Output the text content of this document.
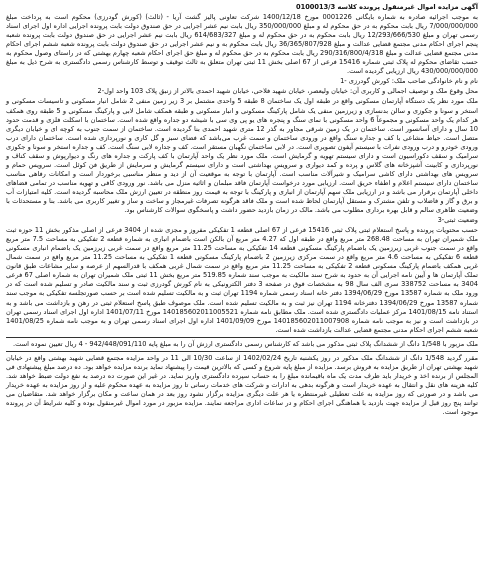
آگهی مزایده اموال غیرمنقول پرونده کلاسه 0100013/3
به موجب اجرائیه صادره به شماره بایگانی 0001226 مورخ 1400/12/18 شرکت تعاونی پالیز گشت آریا - (ثالث) (کورش گودرزی) محکوم است به پرداخت مبلغ 7/000/000/000 ریال بابت محکوم به در حق محکوم له و مبلغ 350/000/000 ریال بابت نیم عشر اجرایی در حق صندوق دولت بابت پرونده اجرایی اداره اول اجرای اسناد رسمی تهران و مبلغ 12/293/666/530 ریال بابت محکوم به در حق محکوم له و مبلغ 614/683/327 ریال بابت نیم عشر اجرایی در حق صندوق دولت بابت پرونده شعبه پنجم اجرای احکام مدنی مجتمع قضایی عدالت و مبلغ 36/365/807/928 ریال بابت محکوم به و نیم عشر اجرایی در حق صندوق دولت بابت پرونده شعبه ششم اجرای احکام مدنی مجتمع قضایی عدالت و مبلغ 290/316/800/4/318 ریال بابت محکوم به در حق محکوم له و مبلغ حق اجرای احکام شعبه چهارم بهشتی که در راستای وصول محکوم به حسب تقاضای محکوم له پلاک ثبتی شماره 15416 فرعی از 67 اصلی بخش 11 ثبتی تهران متعلق به ثالث توقیف و توسط کارشناس رسمی دادگستری به شرح ذیل به مبلغ 430/000/000/000 ریال ارزیابی گردیده است.
نام و نام خانوادگی صاحب ملک: کورش گودرزی -1
محل وقوع ملک و توصیف اجمالی و کاربری آن: خیابان ولیعصر، خیابان شهید فلاحی، خیابان شهید احمدی بالاتر از زنبق پلاک 103 واحد اول-2
ملک مورد نظر یک دستگاه آپارتمان مسکونی واقع در طبقه اول یک ساختمان 8 طبقه 5 واحدی مشتمل بر 3 زیر زمین منفی 2 شامل انبار مسکونی و تاسیسات مسکونی و استخر و سونا و جکوزی و سالن بدنسازی و زیرزمین منفی یک شامل پارکینگ مسکونی و انبار مسکونی و طبقه همکف شامل لابی و پارکینگ مسکونی و 5 طبقه روی همکف هر کدام یک واحد مسکونی و مجموعاً 6 واحد مسکونی با نمای سنگ و پنجره های یو پی وی سی با شیشه دو جداره واقع شده است. ساختمان با اسکلت فلزی و قدمت حدود 10 سال و دارای آسانسور است. ساختمان در یک زمین شرقی مجاور به گذر 12 متری شهید احمدی بنا گردیده است. ساختمان از سمت جنوب به کوچه ای و خیابان دیگری متصل است. حیاط مشاعی با کف و جداره سنگ واقع در ورودی ساختمان و سمت غرب می‌باشد که فضای سبز و گل کاری و نورپردازی شده است. ساختمان دارای درب ورودی خودرو و درب ورودی نفرات با سیستم آیفون تصویری است. در لابی ساختمان نگهبان مستقر است. کف و جداره لابی سنگ است. کف و جداره استخر و سونا و جکوزی سرامیک و سقف دکوراسیون است و دارای سیستم تهویه و گرمایش است. ملک مورد نظر یک واحد آپارتمان با کف پارکت و جداره های رنگ و دیوارپوش و سقف کناف و نورپردازی و کابینت آشپزخانه های گلاس و پرده و کمد دیواری و سرویس بهداشتی است و دارای سیستم گرمایش و سرمایش از طریق فن کوئل است. سرویس حمام و سرویس های بهداشتی دارای کاشی سرامیک و شیرآلات مناسب است. آپارتمان با توجه به موقعیت آن از دید و منظر مناسبی برخوردار است و امکانات رفاهی مناسب ساختمان دارای سیستم اعلام و اطفاء حریق است. ارزیابی مورد درخواست آپارتمان فاقد مبلمان و اثاثیه منزل می باشد. نور ورودی کافی و تهویه مناسب در تمامی فضاهای داخلی آپارتمان برقرار می باشد و در ارزیابی ملک سهم آپارتمان از انباری و پارکینگ با توجه به قیمت روز منطقه در تعیین ارزش ملک محاسبه گردیده است. کلیه امتیازات آب و برق و گاز و فاضلاب و تلفن مشترک و مستقل آپارتمان لحاظ شده است و ملک فاقد هرگونه تصرفات غیرمجاز و ساخت و ساز و تغییر کاربری می باشد. بنا و مستحدثات با وضعیت ظاهری سالم و قابل بهره برداری مطلوب می باشد. مالک در زمان بازدید حضور داشت و پاسخگوی سوالات کارشناس بود.
وضعیت ثبتی-3
حسب محتویات پرونده و پاسخ استعلام ثبتی پلاک ثبتی 15416 فرعی از 67 اصلی قطعه 1 تفکیکی مفروز و مجزی شده از 3404 فرعی از اصلی مذکور بخش 11 حوزه ثبت ملک شمیران تهران به مساحت 268.48 متر مربع واقع در طبقه اول که 4.27 متر مربع آن بالکن است باضمام انباری به شماره قطعه 2 تفکیکی به مساحت 7.5 متر مربع واقع در سمت جنوب غربی زیرزمین یک باضمام پارکینگ مسکونی قطعه 14 تفکیکی به مساحت 11.25 متر مربع واقع در سمت غربی زیرزمین یک باضمام انباری مسکونی قطعه 6 تفکیکی به مساحت 4.6 متر مربع واقع در سمت مرکزی زیرزمین 2 باضمام پارکینگ مسکونی قطعه 1 تفکیکی به مساحت 11.25 متر مربع واقع در سمت شمال غربی همکف باضمام پارکینگ مسکونی قطعه 2 تفکیکی به مساحت 11.25 متر مربع واقع در سمت شمال غربی همکف با قدرالسهم از عرصه و سایر مشاعات طبق قانون تملک آپارتمان ها و آیین نامه اجرایی آن به حدود به شرح سند مالکیت به موجب سند شماره 519.85 متر مربع بخش 11 ثبتی ملک شمیران تهران به شماره اصلی 67 فرعی 3404 به مساحت 338752 سری الف سال 98 به مشخصات فوق در صفحه 3 دفتر الکترونیکی به نام کورش گودرزی ثبت و سند مالکیت صادر و تسلیم شده است که در ورود ملک به شماره 13587 مورخ 1394/06/29 دفتر خانه اسناد رسمی شماره 1194 تهران ثبت و به مالکیت تسلیم شده است بر حسب صورتجلسه تفکیکی به موجب سند شماره 13587 مورخ 1394/06/29 دفترخانه 1194 تهران نیز ثبت و به مالکیت تسلیم شده است. ملک موصوف طبق پاسخ استعلام ثبتی در رهن و بازداشت می باشد و به استناد نامه 1401/08/15 مرکز عملیات دادگستری شده است. ملک مطابق نامه شماره 140185602011005521 مورخ 1401/07/11 اداره اول اجرای اسناد رسمی تهران در بازداشت است و نیز به موجب نامه شماره 140185602011007908 مورخ 1401/09/09 اداره اول اجرای اسناد رسمی تهران و به موجب نامه شماره 1401/08/25 شعبه ششم اجرای احکام مدنی مجتمع قضایی عدالت بازداشت شده است.
ملک مزبور با 1/548 دانگ از ششدانگ پلاک ثبتی مذکور می باشد که کارشناس رسمی دادگستری ارزش آن را به مبلغ پایه 942/448/091/110 - 4 ریال تعیین نموده است.
مقرر گردید 1/548 دانگ از ششدانگ ملک مذکور در روز یکشنبه تاریخ 1402/02/24 از ساعت 10/30 الی 11 در واحد مزایده مجتمع قضایی شهید بهشتی واقع در خیابان شهید بهشتی تهران از طریق مزایده به فروش برسد. مزایده از مبلغ پایه شروع و کسی که بالاترین قیمت را پیشنهاد نماید برنده مزایده خواهد بود. ده درصد مبلغ پیشنهادی فی المجلس از برنده اخذ و خریدار باید ظرف مدت یک ماه باقیمانده مبلغ را به حساب سپرده دادگستری واریز نماید. در غیر این صورت ده درصد به نفع دولت ضبط خواهد شد. کلیه هزینه های نقل و انتقال به عهده خریدار است و هرگونه بدهی به ادارات و شرکت های خدمات رسانی تا روز مزایده به عهده محکوم علیه و از روز مزایده به عهده خریدار می باشد و در صورتی که روز مزایده به علت تعطیلی غیرمنتظره یا هر علت دیگری مزایده برگزار نشود روز بعد در همان ساعت و مکان برگزار خواهد شد. متقاضیان می توانند پنج روز قبل از مزایده جهت بازدید با هماهنگی اجرای احکام و در ساعات اداری مراجعه نمایند. مزایده مزبور در مورد اموال غیرمنقول بوده و کلیه شرایط آن در پرونده موجود است.
